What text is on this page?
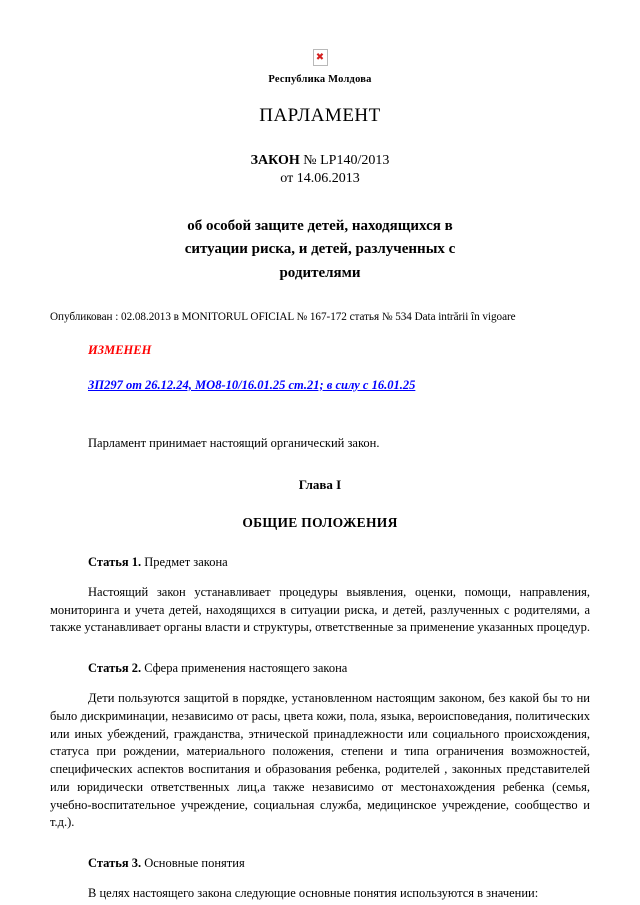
✖
Республика Молдова
ПАРЛАМЕНТ
ЗАКОН № LP140/2013
от 14.06.2013
об особой защите детей, находящихся в
ситуации риска, и детей, разлученных с
родителями
Опубликован : 02.08.2013 в MONITORUL OFICIAL № 167-172 статья № 534 Data intrării în vigoare
ИЗМЕНЕН
ЗП297 от 26.12.24, МО8-10/16.01.25 ст.21; в силу с 16.01.25
Парламент принимает настоящий органический закон.
Глава I
ОБЩИЕ ПОЛОЖЕНИЯ
Статья 1. Предмет закона
Настоящий закон устанавливает процедуры выявления, оценки, помощи, направления, мониторинга и учета детей, находящихся в ситуации риска, и детей, разлученных с родителями, а также устанавливает органы власти и структуры, ответственные за применение указанных процедур.
Статья 2. Сфера применения настоящего закона
Дети пользуются защитой в порядке, установленном настоящим законом, без какой бы то ни было дискриминации, независимо от расы, цвета кожи, пола, языка, вероисповедания, политических или иных убеждений, гражданства, этнической принадлежности или социального происхождения, статуса при рождении, материального положения, степени и типа ограничения возможностей, специфических аспектов воспитания и образования ребенка, родителей , законных представителей или юридически ответственных лиц,а также независимо от местонахождения ребенка (семья, учебно-воспитательное учреждение, социальная служба, медицинское учреждение, сообщество и т.д.).
Статья 3. Основные понятия
В целях настоящего закона следующие основные понятия используются в значении:
